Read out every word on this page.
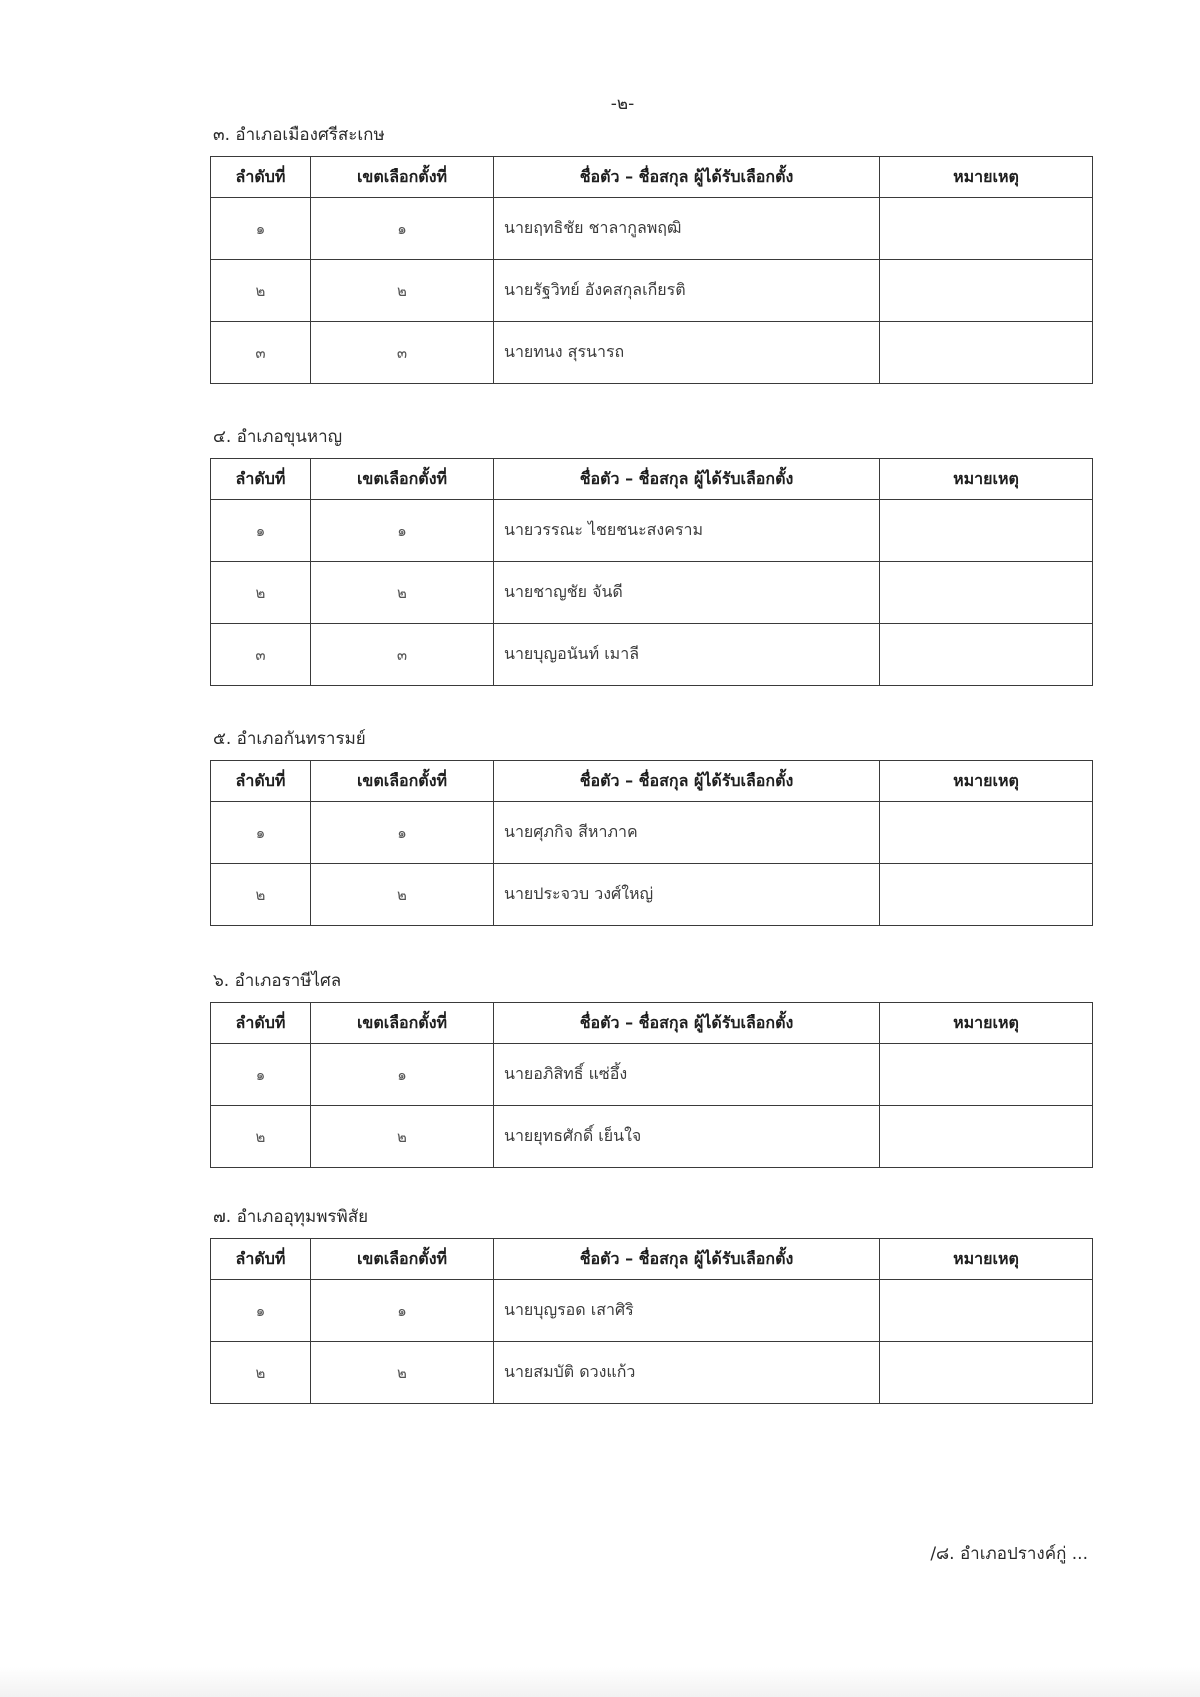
-๒-
๓. อำเภอเมืองศรีสะเกษ
ลำดับที่	เขตเลือกตั้งที่	ชื่อตัว – ชื่อสกุล ผู้ได้รับเลือกตั้ง	หมายเหตุ
๑	๑	นายฤทธิชัย ชาลากูลพฤฒิ	
๒	๒	นายรัฐวิทย์ อังคสกุลเกียรติ	
๓	๓	นายทนง สุรนารถ	
๔. อำเภอขุนหาญ
ลำดับที่	เขตเลือกตั้งที่	ชื่อตัว – ชื่อสกุล ผู้ได้รับเลือกตั้ง	หมายเหตุ
๑	๑	นายวรรณะ ไชยชนะสงคราม	
๒	๒	นายชาญชัย จันดี	
๓	๓	นายบุญอนันท์ เมาลี	
๕. อำเภอกันทรารมย์
ลำดับที่	เขตเลือกตั้งที่	ชื่อตัว – ชื่อสกุล ผู้ได้รับเลือกตั้ง	หมายเหตุ
๑	๑	นายศุภกิจ สีหาภาค	
๒	๒	นายประจวบ วงศ์ใหญ่	
๖. อำเภอราษีไศล
ลำดับที่	เขตเลือกตั้งที่	ชื่อตัว – ชื่อสกุล ผู้ได้รับเลือกตั้ง	หมายเหตุ
๑	๑	นายอภิสิทธิ์ แซ่อึ้ง	
๒	๒	นายยุทธศักดิ์ เย็นใจ	
๗. อำเภออุทุมพรพิสัย
ลำดับที่	เขตเลือกตั้งที่	ชื่อตัว – ชื่อสกุล ผู้ได้รับเลือกตั้ง	หมายเหตุ
๑	๑	นายบุญรอด เสาศิริ	
๒	๒	นายสมบัติ ดวงแก้ว	
/๘. อำเภอปรางค์กู่ ...
